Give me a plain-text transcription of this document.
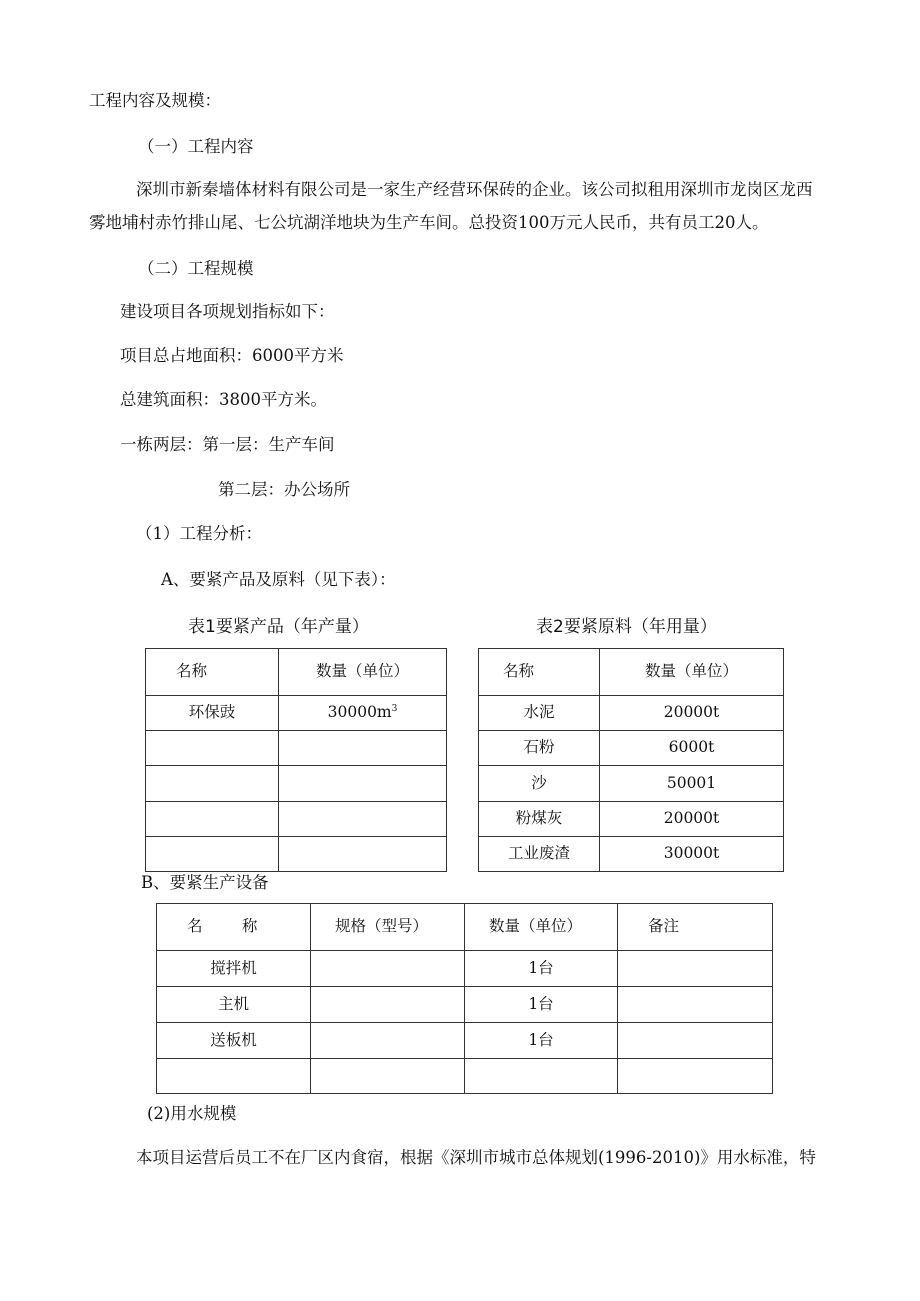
工程内容及规模：
（一）工程内容
深圳市新秦墙体材料有限公司是一家生产经营环保砖的企业。该公司拟租用深圳市龙岗区龙西
雾地埔村赤竹排山尾、七公坑湖洋地块为生产车间。总投资100万元人民币，共有员工20人。
（二）工程规模
建设项目各项规划指标如下：
项目总占地面积：6000平方米
总建筑面积：3800平方米。
一栋两层：第一层：生产车间
第二层：办公场所
（1）工程分析：
A、要紧产品及原料（见下表）：
表1要紧产品（年产量）	表2要紧原料（年用量）
名称	数量（单位）
环保豉	$30000m^3$

名称	数量（单位）
水泥	20000t
石粉	6000t
沙	50001
粉煤灰	20000t
工业废渣	30000t
B、要紧生产设备
名        称	规格（型号）	数量（单位）	备注
搅拌机		1台	
主机		1台	
送板机		1台	

(2)用水规模
本项目运营后员工不在厂区内食宿，根据《深圳市城市总体规划(1996-2010)》用水标准，特
